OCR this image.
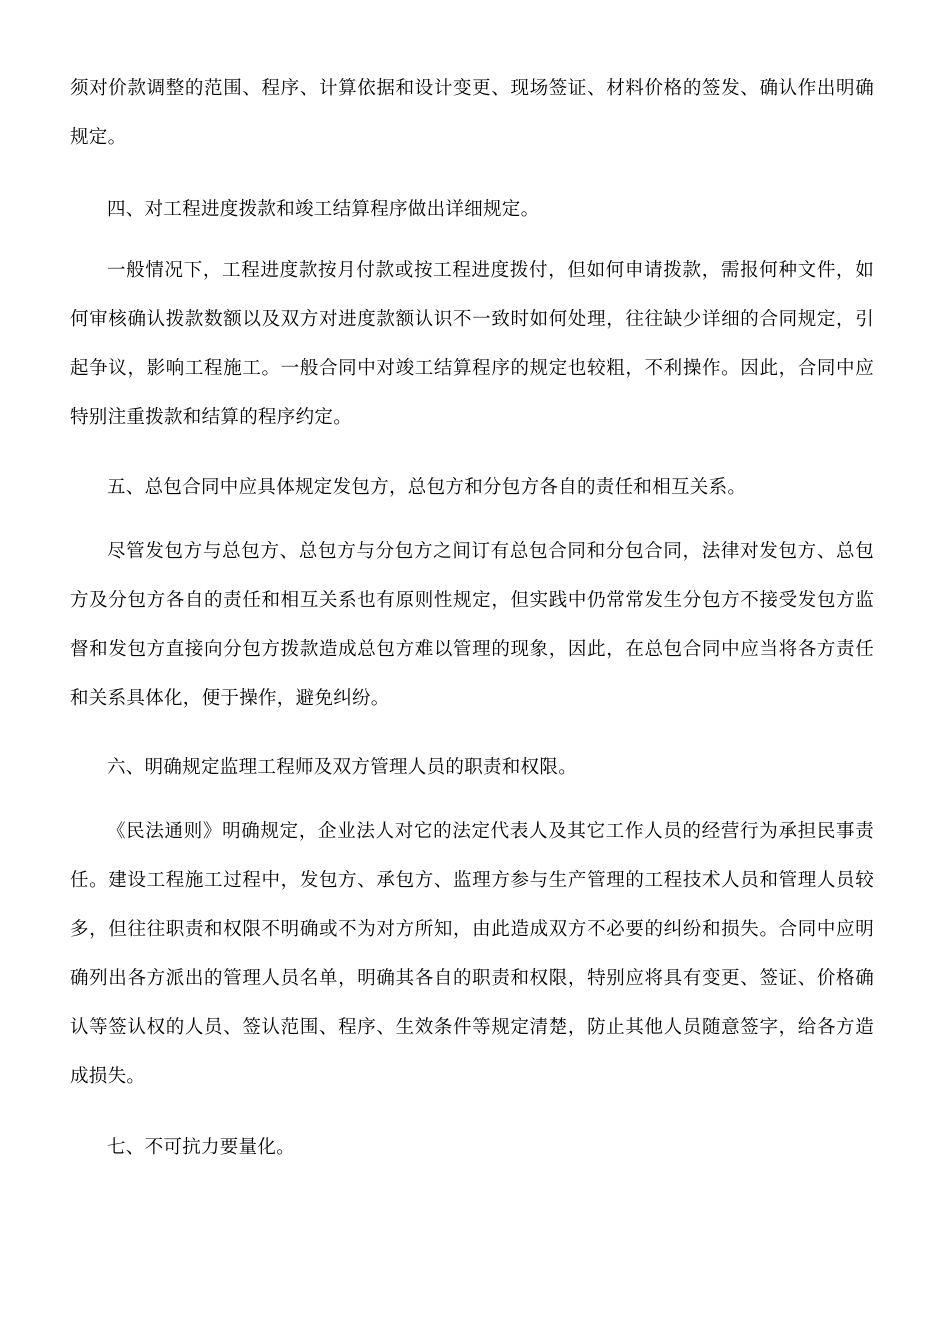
须对价款调整的范围、程序、计算依据和设计变更、现场签证、材料价格的签发、确认作出明确规定。

四、对工程进度拨款和竣工结算程序做出详细规定。

一般情况下，工程进度款按月付款或按工程进度拨付，但如何申请拨款，需报何种文件，如何审核确认拨款数额以及双方对进度款额认识不一致时如何处理，往往缺少详细的合同规定，引起争议，影响工程施工。一般合同中对竣工结算程序的规定也较粗，不利操作。因此，合同中应特别注重拨款和结算的程序约定。

五、总包合同中应具体规定发包方，总包方和分包方各自的责任和相互关系。

尽管发包方与总包方、总包方与分包方之间订有总包合同和分包合同，法律对发包方、总包方及分包方各自的责任和相互关系也有原则性规定，但实践中仍常常发生分包方不接受发包方监督和发包方直接向分包方拨款造成总包方难以管理的现象，因此，在总包合同中应当将各方责任和关系具体化，便于操作，避免纠纷。

六、明确规定监理工程师及双方管理人员的职责和权限。

《民法通则》明确规定，企业法人对它的法定代表人及其它工作人员的经营行为承担民事责任。建设工程施工过程中，发包方、承包方、监理方参与生产管理的工程技术人员和管理人员较多，但往往职责和权限不明确或不为对方所知，由此造成双方不必要的纠纷和损失。合同中应明确列出各方派出的管理人员名单，明确其各自的职责和权限，特别应将具有变更、签证、价格确认等签认权的人员、签认范围、程序、生效条件等规定清楚，防止其他人员随意签字，给各方造成损失。

七、不可抗力要量化。
